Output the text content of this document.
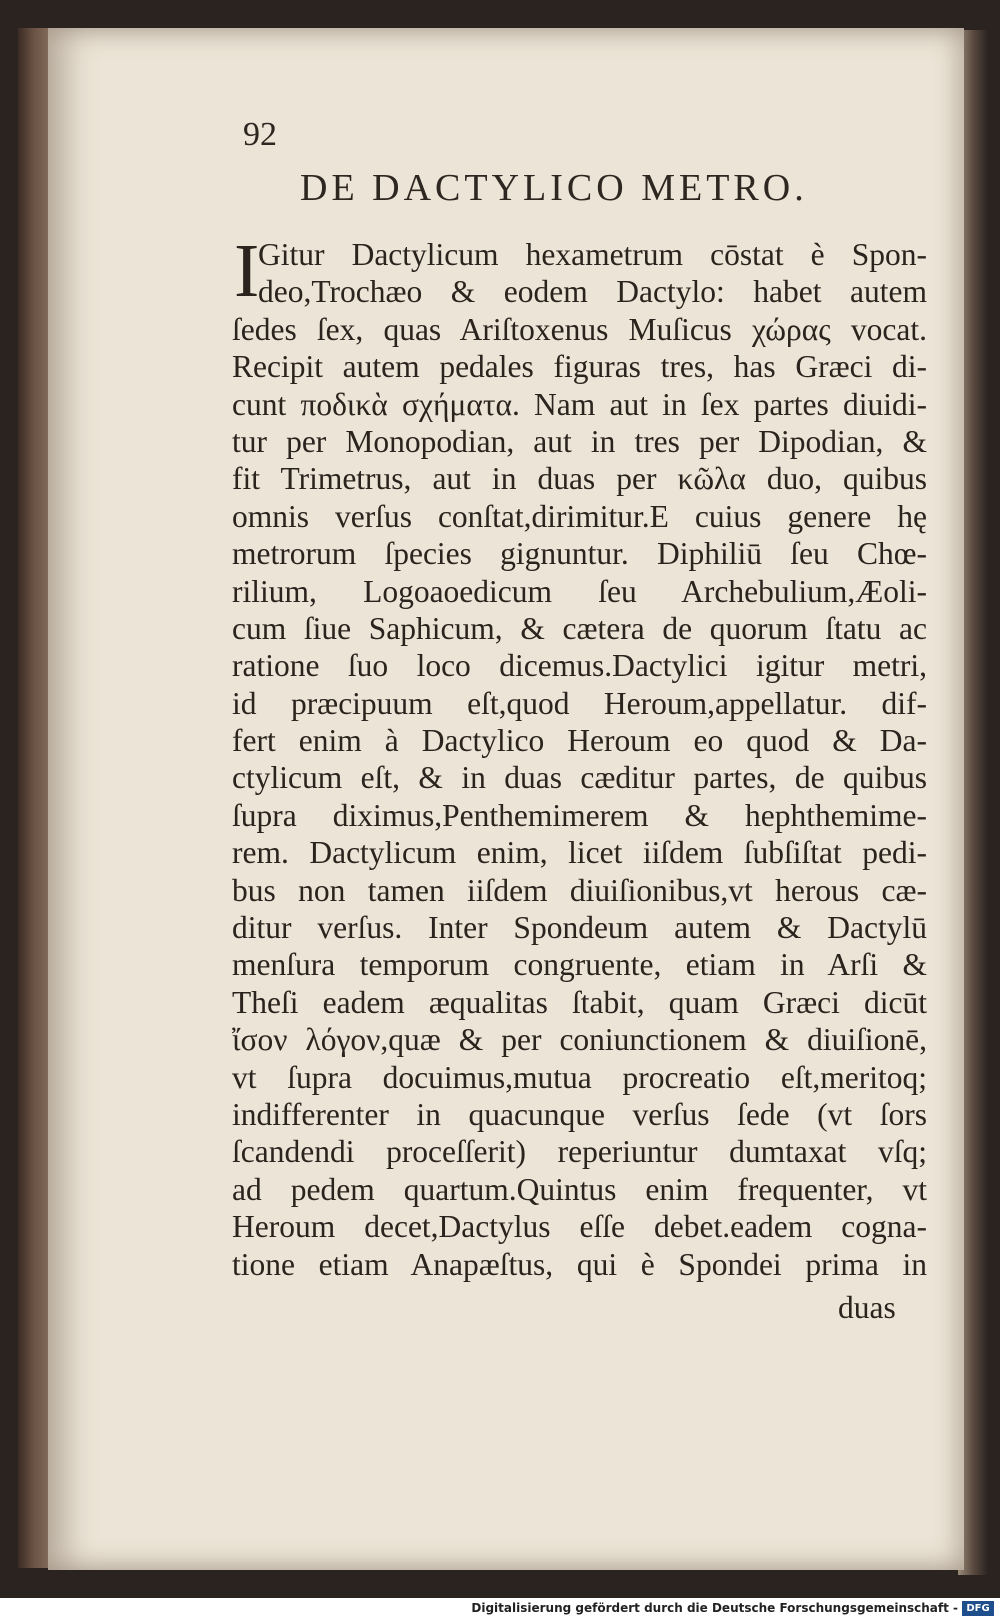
92
DE DACTYLICO METRO.
I
Gitur Dactylicum hexametrum cōstat è Spon-
deo,Trochæo & eodem Dactylo: habet autem
ſedes ſex, quas Ariſtoxenus Muſicus χώρας vocat.
Recipit autem pedales figuras tres, has Græci di-
cunt ποδικὰ σχήματα. Nam aut in ſex partes diuidi-
tur per Monopodian, aut in tres per Dipodian, &
fit Trimetrus, aut in duas per κῶλα duo, quibus
omnis verſus conſtat,dirimitur.E cuius genere hę
metrorum ſpecies gignuntur. Diphiliū ſeu Chœ-
rilium, Logoaoedicum ſeu Archebulium,Æoli-
cum ſiue Saphicum, & cætera de quorum ſtatu ac
ratione ſuo loco dicemus.Dactylici igitur metri,
id præcipuum eſt,quod Heroum,appellatur. dif-
fert enim à Dactylico Heroum eo quod & Da-
ctylicum eſt, & in duas cæditur partes, de quibus
ſupra diximus,Penthemimerem & hephthemime-
rem. Dactylicum enim, licet iiſdem ſubſiſtat pedi-
bus non tamen iiſdem diuiſionibus,vt herous cæ-
ditur verſus. Inter Spondeum autem & Dactylū
menſura temporum congruente, etiam in Arſi &
Theſi eadem æqualitas ſtabit, quam Græci dicūt
ἴσον λόγον,quæ & per coniunctionem & diuiſionē,
vt ſupra docuimus,mutua procreatio eſt,meritoq;
indifferenter in quacunque verſus ſede (vt ſors
ſcandendi proceſſerit) reperiuntur dumtaxat vſq;
ad pedem quartum.Quintus enim frequenter, vt
Heroum decet,Dactylus eſſe debet.eadem cogna-
tione etiam Anapæſtus, qui è Spondei prima in
duas
Digitalisierung gefördert durch die Deutsche Forschungsgemeinschaft - DFG
